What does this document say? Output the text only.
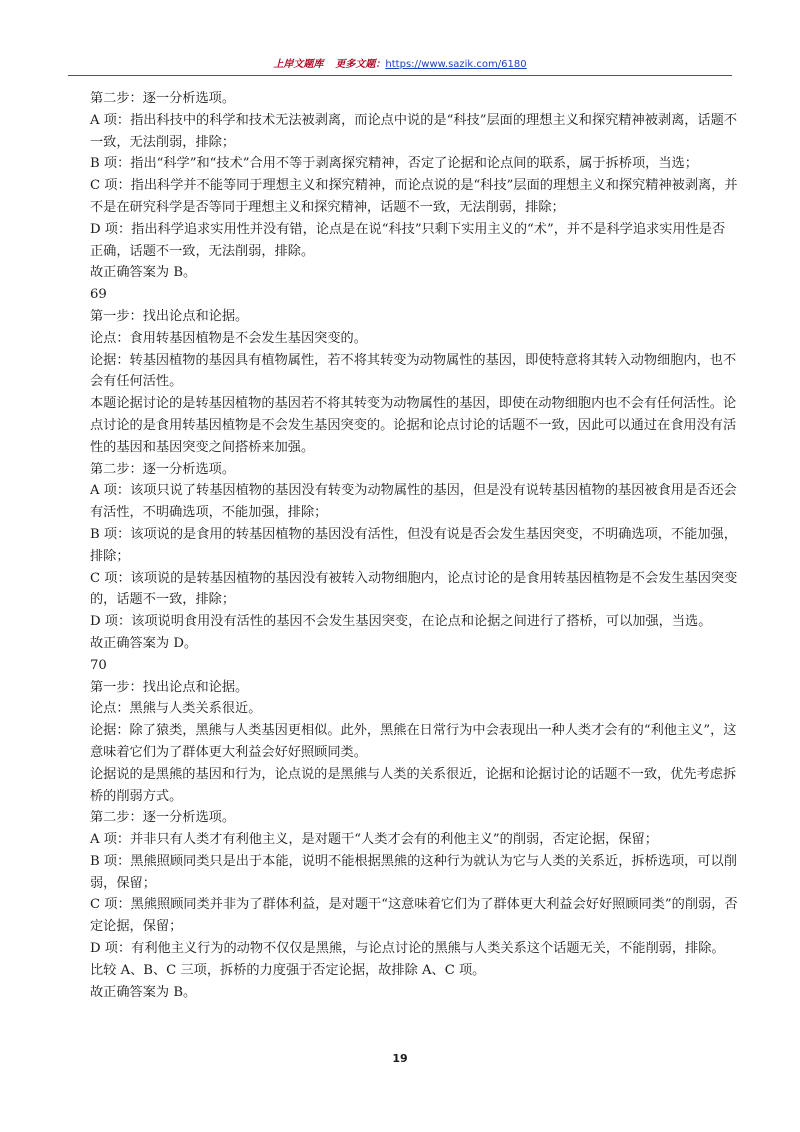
上岸文题库 更多文题：https://www.sazik.com/6180

第二步：逐一分析选项。

A 项：指出科技中的科学和技术无法被剥离，而论点中说的是“科技”层面的理想主义和探究精神被剥离，话题不一致，无法削弱，排除；

B 项：指出“科学”和“技术”合用不等于剥离探究精神，否定了论据和论点间的联系，属于拆桥项，当选；

C 项：指出科学并不能等同于理想主义和探究精神，而论点说的是“科技”层面的理想主义和探究精神被剥离，并不是在研究科学是否等同于理想主义和探究精神，话题不一致，无法削弱，排除；

D 项：指出科学追求实用性并没有错，论点是在说“科技”只剩下实用主义的“术”，并不是科学追求实用性是否正确，话题不一致，无法削弱，排除。

故正确答案为 B。

69

第一步：找出论点和论据。

论点：食用转基因植物是不会发生基因突变的。

论据：转基因植物的基因具有植物属性，若不将其转变为动物属性的基因，即使特意将其转入动物细胞内，也不会有任何活性。

本题论据讨论的是转基因植物的基因若不将其转变为动物属性的基因，即使在动物细胞内也不会有任何活性。论点讨论的是食用转基因植物是不会发生基因突变的。论据和论点讨论的话题不一致，因此可以通过在食用没有活性的基因和基因突变之间搭桥来加强。

第二步：逐一分析选项。

A 项：该项只说了转基因植物的基因没有转变为动物属性的基因，但是没有说转基因植物的基因被食用是否还会有活性，不明确选项，不能加强，排除；

B 项：该项说的是食用的转基因植物的基因没有活性，但没有说是否会发生基因突变，不明确选项，不能加强，排除；

C 项：该项说的是转基因植物的基因没有被转入动物细胞内，论点讨论的是食用转基因植物是不会发生基因突变的，话题不一致，排除；

D 项：该项说明食用没有活性的基因不会发生基因突变，在论点和论据之间进行了搭桥，可以加强，当选。

故正确答案为 D。

70

第一步：找出论点和论据。

论点：黑熊与人类关系很近。

论据：除了猿类，黑熊与人类基因更相似。此外，黑熊在日常行为中会表现出一种人类才会有的“利他主义”，这意味着它们为了群体更大利益会好好照顾同类。

论据说的是黑熊的基因和行为，论点说的是黑熊与人类的关系很近，论据和论据讨论的话题不一致，优先考虑拆桥的削弱方式。

第二步：逐一分析选项。

A 项：并非只有人类才有利他主义，是对题干“人类才会有的利他主义”的削弱，否定论据，保留；

B 项：黑熊照顾同类只是出于本能，说明不能根据黑熊的这种行为就认为它与人类的关系近，拆桥选项，可以削弱，保留；

C 项：黑熊照顾同类并非为了群体利益，是对题干“这意味着它们为了群体更大利益会好好照顾同类”的削弱，否定论据，保留；

D 项：有利他主义行为的动物不仅仅是黑熊，与论点讨论的黑熊与人类关系这个话题无关，不能削弱，排除。

比较 A、B、C 三项，拆桥的力度强于否定论据，故排除 A、C 项。

故正确答案为 B。

19
